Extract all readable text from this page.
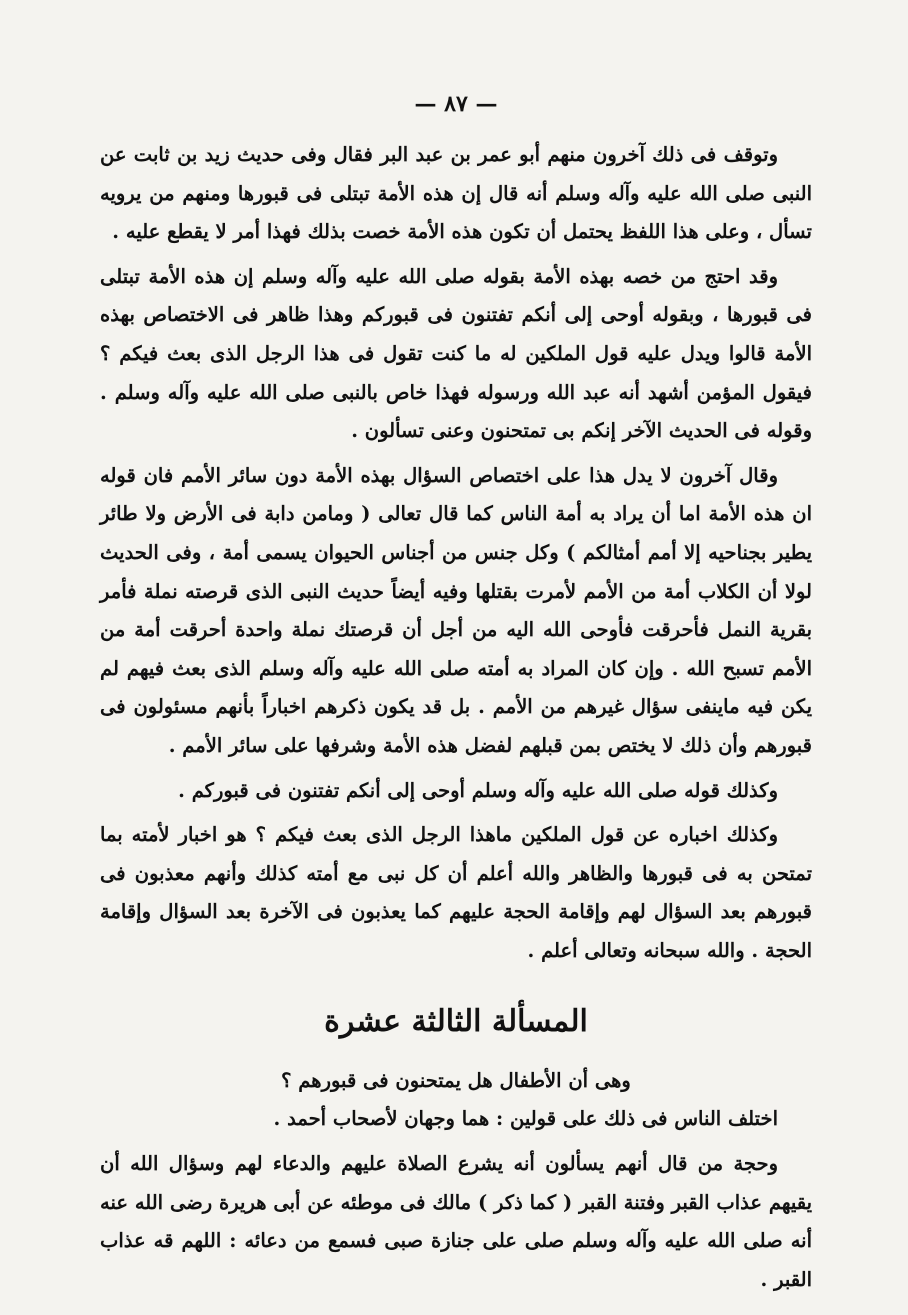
— ٨٧ —

وتوقف فى ذلك آخرون منهم أبو عمر بن عبد البر فقال وفى حديث زيد بن ثابت عن النبى صلى الله عليه وآله وسلم أنه قال إن هذه الأمة تبتلى فى قبورها ومنهم من يرويه تسأل ، وعلى هذا اللفظ يحتمل أن تكون هذه الأمة خصت بذلك فهذا أمر لا يقطع عليه .

وقد احتج من خصه بهذه الأمة بقوله صلى الله عليه وآله وسلم إن هذه الأمة تبتلى فى قبورها ، وبقوله أوحى إلى أنكم تفتنون فى قبوركم وهذا ظاهر فى الاختصاص بهذه الأمة قالوا ويدل عليه قول الملكين له ما كنت تقول فى هذا الرجل الذى بعث فيكم ؟ فيقول المؤمن أشهد أنه عبد الله ورسوله فهذا خاص بالنبى صلى الله عليه وآله وسلم . وقوله فى الحديث الآخر إنكم بى تمتحنون وعنى تسألون .

وقال آخرون لا يدل هذا على اختصاص السؤال بهذه الأمة دون سائر الأمم فان قوله ان هذه الأمة اما أن يراد به أمة الناس كما قال تعالى ( ومامن دابة فى الأرض ولا طائر يطير بجناحيه إلا أمم أمثالكم ) وكل جنس من أجناس الحيوان يسمى أمة ، وفى الحديث لولا أن الكلاب أمة من الأمم لأمرت بقتلها وفيه أيضاً حديث النبى الذى قرصته نملة فأمر بقرية النمل فأحرقت فأوحى الله اليه من أجل أن قرصتك نملة واحدة أحرقت أمة من الأمم تسبح الله . وإن كان المراد به أمته صلى الله عليه وآله وسلم الذى بعث فيهم لم يكن فيه ماينفى سؤال غيرهم من الأمم . بل قد يكون ذكرهم اخباراً بأنهم مسئولون فى قبورهم وأن ذلك لا يختص بمن قبلهم لفضل هذه الأمة وشرفها على سائر الأمم .

وكذلك قوله صلى الله عليه وآله وسلم أوحى إلى أنكم تفتنون فى قبوركم .

وكذلك اخباره عن قول الملكين ماهذا الرجل الذى بعث فيكم ؟ هو اخبار لأمته بما تمتحن به فى قبورها والظاهر والله أعلم أن كل نبى مع أمته كذلك وأنهم معذبون فى قبورهم بعد السؤال لهم وإقامة الحجة عليهم كما يعذبون فى الآخرة بعد السؤال وإقامة الحجة . والله سبحانه وتعالى أعلم .

المسألة الثالثة عشرة
وهى أن الأطفال هل يمتحنون فى قبورهم ؟

اختلف الناس فى ذلك على قولين : هما وجهان لأصحاب أحمد .

وحجة من قال أنهم يسألون أنه يشرع الصلاة عليهم والدعاء لهم وسؤال الله أن يقيهم عذاب القبر وفتنة القبر ( كما ذكر ) مالك فى موطئه عن أبى هريرة رضى الله عنه أنه صلى الله عليه وآله وسلم صلى على جنازة صبى فسمع من دعائه : اللهم قه عذاب القبر .
